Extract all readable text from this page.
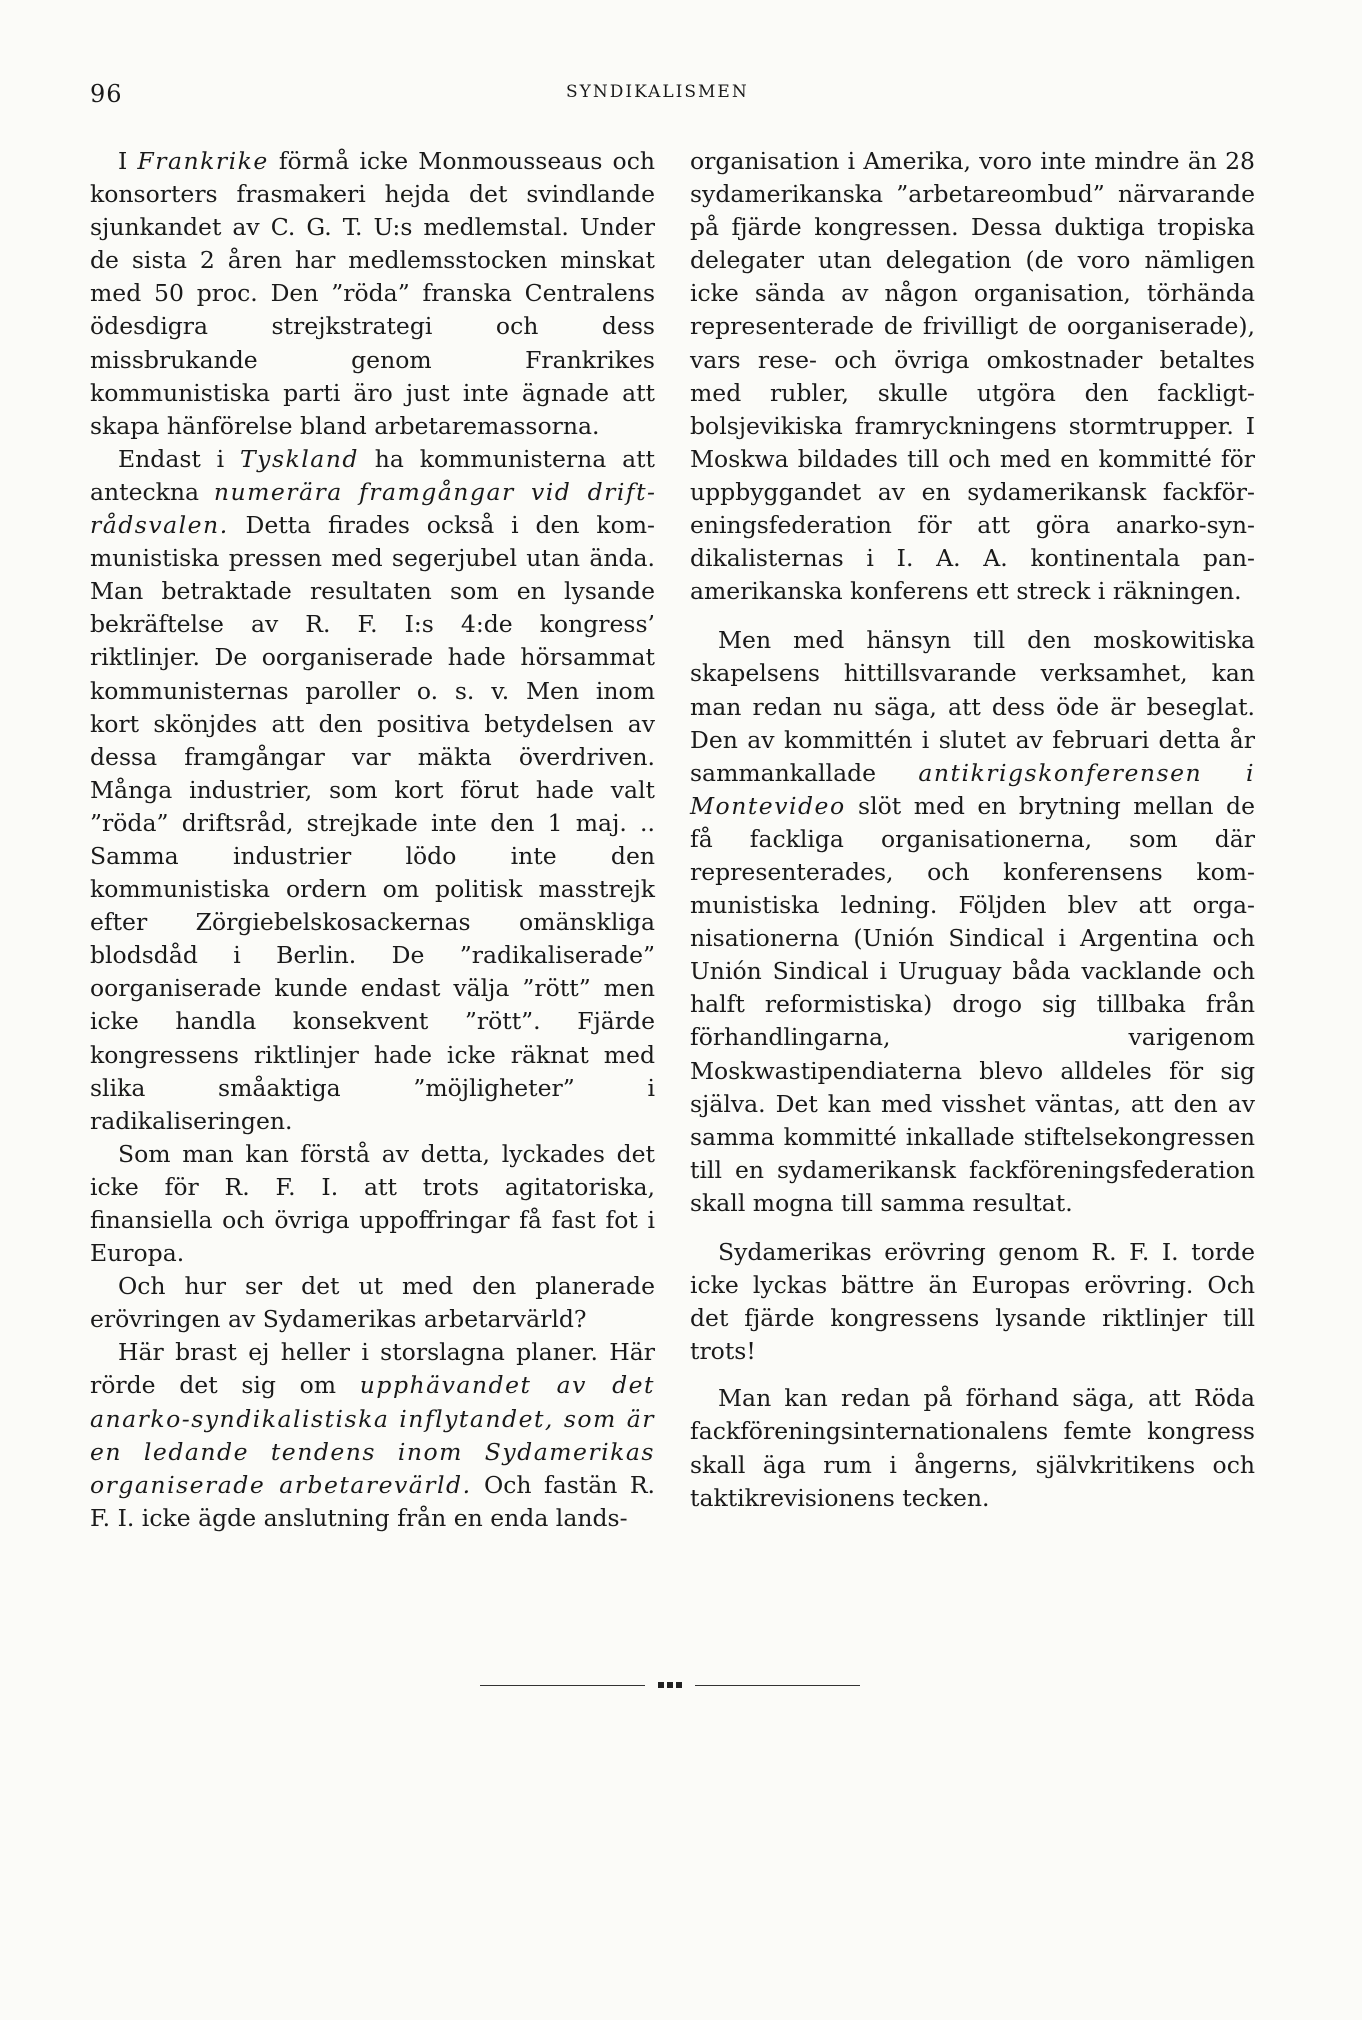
96	SYNDIKALISMEN

I Frankrike förmå icke Monmousseaus och konsorters frasmakeri hejda det svindlande sjunkandet av C. G. T. U:s medlemstal. Under de sista 2 åren har medlemsstocken minskat med 50 proc. Den ”röda” franska Centralens ödesdigra strejkstrategi och dess missbrukande genom Frankrikes kommunistiska parti äro just inte ägnade att skapa hänförelse bland arbetaremassorna.

Endast i Tyskland ha kommunisterna att anteckna numerära framgångar vid driftrådsvalen. Detta firades också i den kommunistiska pressen med segerjubel utan ända. Man betraktade resultaten som en lysande bekräftelse av R. F. I:s 4:de kongress’ riktlinjer. De oorganiserade hade hörsammat kommunisternas paroller o. s. v. Men inom kort skönjdes att den positiva betydelsen av dessa framgångar var mäkta överdriven. Många industrier, som kort förut hade valt ”röda” driftsråd, strejkade inte den 1 maj. .. Samma industrier lödo inte den kommunistiska ordern om politisk masstrejk efter Zörgiebelskosackernas omänskliga blodsdåd i Berlin. De ”radikaliserade” oorganiserade kunde endast välja ”rött” men icke handla konsekvent ”rött”. Fjärde kongressens riktlinjer hade icke räknat med slika småaktiga ”möjligheter” i radikaliseringen.

Som man kan förstå av detta, lyckades det icke för R. F. I. att trots agitatoriska, finansiella och övriga uppoffringar få fast fot i Europa.

Och hur ser det ut med den planerade erövringen av Sydamerikas arbetarvärld?

Här brast ej heller i storslagna planer. Här rörde det sig om upphävandet av det anarko-syndikalistiska inflytandet, som är en ledande tendens inom Sydamerikas organiserade arbetarevärld. Och fastän R. F. I. icke ägde anslutning från en enda lands-

organisation i Amerika, voro inte mindre än 28 sydamerikanska ”arbetareombud” närvarande på fjärde kongressen. Dessa duktiga tropiska delegater utan delegation (de voro nämligen icke sända av någon organisation, törhända representerade de frivilligt de oorganiserade), vars rese- och övriga omkostnader betaltes med rubler, skulle utgöra den fackligt-bolsjevikiska framryckningens stormtrupper. I Moskwa bildades till och med en kommitté för uppbyggandet av en sydamerikansk fackföreningsfederation för att göra anarko-syndikalisternas i I. A. A. kontinentala panamerikanska konferens ett streck i räkningen.

Men med hänsyn till den moskowitiska skapelsens hittillsvarande verksamhet, kan man redan nu säga, att dess öde är beseglat. Den av kommittén i slutet av februari detta år sammankallade antikrigskonferensen i Montevideo slöt med en brytning mellan de få fackliga organisationerna, som där representerades, och konferensens kommunistiska ledning. Följden blev att organisationerna (Unión Sindical i Argentina och Unión Sindical i Uruguay båda vacklande och halft reformistiska) drogo sig tillbaka från förhandlingarna, varigenom Moskwastipendiaterna blevo alldeles för sig själva. Det kan med visshet väntas, att den av samma kommitté inkallade stiftelsekongressen till en sydamerikansk fackföreningsfederation skall mogna till samma resultat.

Sydamerikas erövring genom R. F. I. torde icke lyckas bättre än Europas erövring. Och det fjärde kongressens lysande riktlinjer till trots!

Man kan redan på förhand säga, att Röda fackföreningsinternationalens femte kongress skall äga rum i ångerns, självkritikens och taktikrevisionens tecken.
